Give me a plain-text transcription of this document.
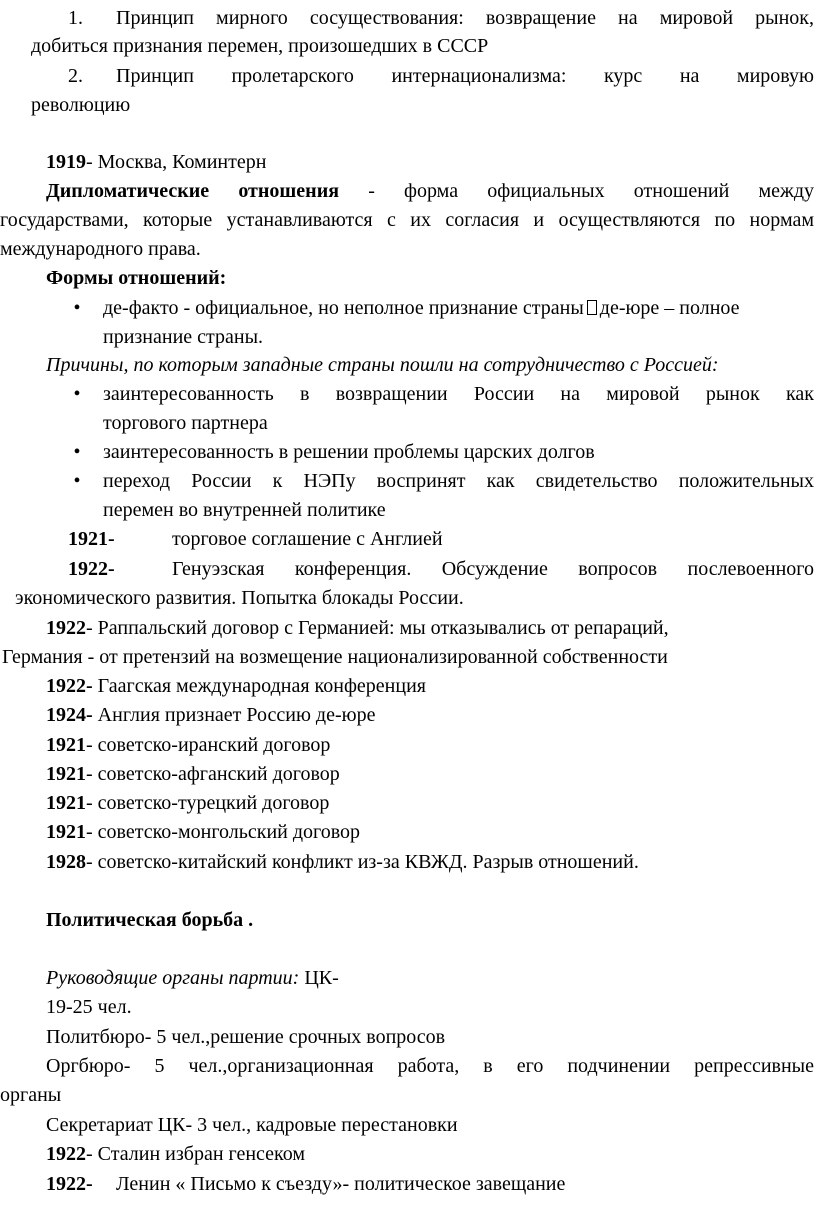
1. Принцип мирного сосуществования: возвращение на мировой рынок,
добиться признания перемен, произошедших в СССР
2. Принцип пролетарского интернационализма: курс на мировую
революцию
1919- Москва, Коминтерн
Дипломатические отношения - форма официальных отношений между
государствами, которые устанавливаются с их согласия и осуществляются по нормам
международного права.
Формы отношений:
• де-факто - официальное, но неполное признание страны де-юре – полное
признание страны.
Причины, по которым западные страны пошли на сотрудничество с Россией:
• заинтересованность в возвращении России на мировой рынок как
торгового партнера
• заинтересованность в решении проблемы царских долгов
• переход России к НЭПу воспринят как свидетельство положительных
перемен во внутренней политике
1921-	торговое соглашение с Англией
1922-	Генуэзская конференция. Обсуждение вопросов послевоенного
экономического развития. Попытка блокады России.
1922- Раппальский договор с Германией: мы отказывались от репараций,
Германия - от претензий на возмещение национализированной собственности
1922- Гаагская международная конференция
1924- Англия признает Россию де-юре
1921- советско-иранский договор
1921- советско-афганский договор
1921- советско-турецкий договор
1921- советско-монгольский договор
1928- советско-китайский конфликт из-за КВЖД. Разрыв отношений.
Политическая борьба .
Руководящие органы партии: ЦК-
19-25 чел.
Политбюро- 5 чел.,решение срочных вопросов
Оргбюро- 5 чел.,организационная работа, в его подчинении репрессивные
органы
Секретариат ЦК- 3 чел., кадровые перестановки
1922- Сталин избран генсеком
1922- Ленин « Письмо к съезду»- политическое завещание
